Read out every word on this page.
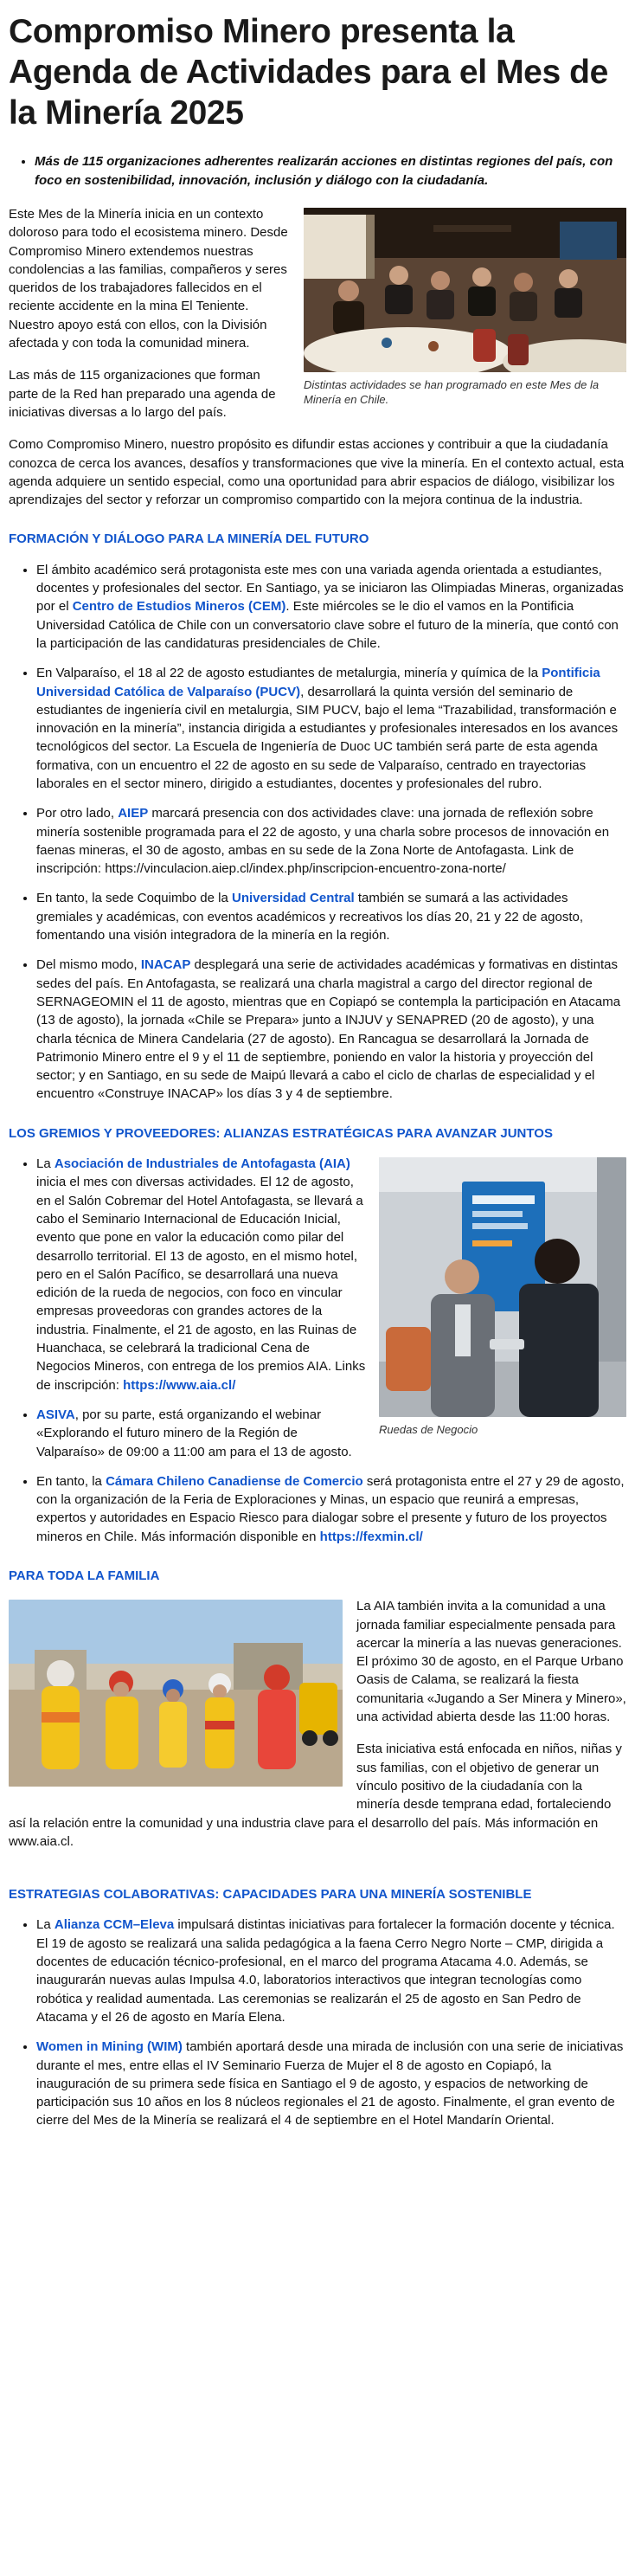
Compromiso Minero presenta la Agenda de Actividades para el Mes de la Minería 2025
• Más de 115 organizaciones adherentes realizarán acciones en distintas regiones del país, con foco en sostenibilidad, innovación, inclusión y diálogo con la ciudadanía.
Distintas actividades se han programado en este Mes de la Minería en Chile.

Este Mes de la Minería inicia en un contexto doloroso para todo el ecosistema minero. Desde Compromiso Minero extendemos nuestras condolencias a las familias, compañeros y seres queridos de los trabajadores fallecidos en el reciente accidente en la mina El Teniente. Nuestro apoyo está con ellos, con la División afectada y con toda la comunidad minera.

Las más de 115 organizaciones que forman parte de la Red han preparado una agenda de iniciativas diversas a lo largo del país.

Como Compromiso Minero, nuestro propósito es difundir estas acciones y contribuir a que la ciudadanía conozca de cerca los avances, desafíos y transformaciones que vive la minería. En el contexto actual, esta agenda adquiere un sentido especial, como una oportunidad para abrir espacios de diálogo, visibilizar los aprendizajes del sector y reforzar un compromiso compartido con la mejora continua de la industria.

FORMACIÓN Y DIÁLOGO PARA LA MINERÍA DEL FUTURO
• El ámbito académico será protagonista este mes con una variada agenda orientada a estudiantes, docentes y profesionales del sector. En Santiago, ya se iniciaron las Olimpiadas Mineras, organizadas por el Centro de Estudios Mineros (CEM). Este miércoles se le dio el vamos en la Pontificia Universidad Católica de Chile con un conversatorio clave sobre el futuro de la minería, que contó con la participación de las candidaturas presidenciales de Chile.
• En Valparaíso, el 18 al 22 de agosto estudiantes de metalurgia, minería y química de la Pontificia Universidad Católica de Valparaíso (PUCV), desarrollará la quinta versión del seminario de estudiantes de ingeniería civil en metalurgia, SIM PUCV, bajo el lema “Trazabilidad, transformación e innovación en la minería”, instancia dirigida a estudiantes y profesionales interesados en los avances tecnológicos del sector. La Escuela de Ingeniería de Duoc UC también será parte de esta agenda formativa, con un encuentro el 22 de agosto en su sede de Valparaíso, centrado en trayectorias laborales en el sector minero, dirigido a estudiantes, docentes y profesionales del rubro.
• Por otro lado, AIEP marcará presencia con dos actividades clave: una jornada de reflexión sobre minería sostenible programada para el 22 de agosto, y una charla sobre procesos de innovación en faenas mineras, el 30 de agosto, ambas en su sede de la Zona Norte de Antofagasta. Link de inscripción: https://vinculacion.aiep.cl/index.php/inscripcion-encuentro-zona-norte/
• En tanto, la sede Coquimbo de la Universidad Central también se sumará a las actividades gremiales y académicas, con eventos académicos y recreativos los días 20, 21 y 22 de agosto, fomentando una visión integradora de la minería en la región.
• Del mismo modo, INACAP desplegará una serie de actividades académicas y formativas en distintas sedes del país. En Antofagasta, se realizará una charla magistral a cargo del director regional de SERNAGEOMIN el 11 de agosto, mientras que en Copiapó se contempla la participación en Atacama (13 de agosto), la jornada «Chile se Prepara» junto a INJUV y SENAPRED (20 de agosto), y una charla técnica de Minera Candelaria (27 de agosto). En Rancagua se desarrollará la Jornada de Patrimonio Minero entre el 9 y el 11 de septiembre, poniendo en valor la historia y proyección del sector; y en Santiago, en su sede de Maipú llevará a cabo el ciclo de charlas de especialidad y el encuentro «Construye INACAP» los días 3 y 4 de septiembre.
LOS GREMIOS Y PROVEEDORES: ALIANZAS ESTRATÉGICAS PARA AVANZAR JUNTOS
• Ruedas de Negocio
La Asociación de Industriales de Antofagasta (AIA) inicia el mes con diversas actividades. El 12 de agosto, en el Salón Cobremar del Hotel Antofagasta, se llevará a cabo el Seminario Internacional de Educación Inicial, evento que pone en valor la educación como pilar del desarrollo territorial. El 13 de agosto, en el mismo hotel, pero en el Salón Pacífico, se desarrollará una nueva edición de la rueda de negocios, con foco en vincular empresas proveedoras con grandes actores de la industria. Finalmente, el 21 de agosto, en las Ruinas de Huanchaca, se celebrará la tradicional Cena de Negocios Mineros, con entrega de los premios AIA. Links de inscripción: https://www.aia.cl/
• ASIVA, por su parte, está organizando el webinar «Explorando el futuro minero de la Región de Valparaíso» de 09:00 a 11:00 am para el 13 de agosto.
• En tanto, la Cámara Chileno Canadiense de Comercio será protagonista entre el 27 y 29 de agosto, con la organización de la Feria de Exploraciones y Minas, un espacio que reunirá a empresas, expertos y autoridades en Espacio Riesco para dialogar sobre el presente y futuro de los proyectos mineros en Chile. Más información disponible en https://fexmin.cl/
PARA TODA LA FAMILIA

La AIA también invita a la comunidad a una jornada familiar especialmente pensada para acercar la minería a las nuevas generaciones. El próximo 30 de agosto, en el Parque Urbano Oasis de Calama, se realizará la fiesta comunitaria «Jugando a Ser Minera y Minero», una actividad abierta desde las 11:00 horas.

Esta iniciativa está enfocada en niños, niñas y sus familias, con el objetivo de generar un vínculo positivo de la ciudadanía con la minería desde temprana edad, fortaleciendo así la relación entre la comunidad y una industria clave para el desarrollo del país. Más información en www.aia.cl.

ESTRATEGIAS COLABORATIVAS: CAPACIDADES PARA UNA MINERÍA SOSTENIBLE
• La Alianza CCM–Eleva impulsará distintas iniciativas para fortalecer la formación docente y técnica. El 19 de agosto se realizará una salida pedagógica a la faena Cerro Negro Norte – CMP, dirigida a docentes de educación técnico-profesional, en el marco del programa Atacama 4.0. Además, se inaugurarán nuevas aulas Impulsa 4.0, laboratorios interactivos que integran tecnologías como robótica y realidad aumentada. Las ceremonias se realizarán el 25 de agosto en San Pedro de Atacama y el 26 de agosto en María Elena.
• Women in Mining (WIM) también aportará desde una mirada de inclusión con una serie de iniciativas durante el mes, entre ellas el IV Seminario Fuerza de Mujer el 8 de agosto en Copiapó, la inauguración de su primera sede física en Santiago el 9 de agosto, y espacios de networking de participación sus 10 años en los 8 núcleos regionales el 21 de agosto. Finalmente, el gran evento de cierre del Mes de la Minería se realizará el 4 de septiembre en el Hotel Mandarín Oriental.
